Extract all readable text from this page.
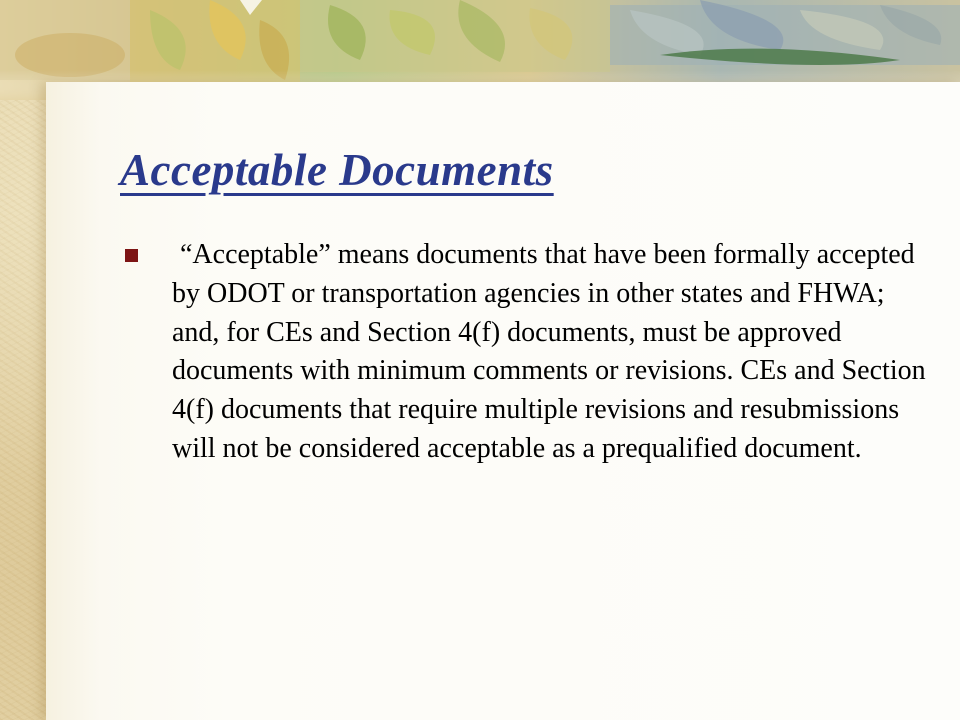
Acceptable Documents

“Acceptable” means documents that have been formally accepted by ODOT or transportation agencies in other states and FHWA; and, for CEs and Section 4(f) documents, must be approved documents with minimum comments or revisions. CEs and Section 4(f) documents that require multiple revisions and resubmissions will not be considered acceptable as a prequalified document.
